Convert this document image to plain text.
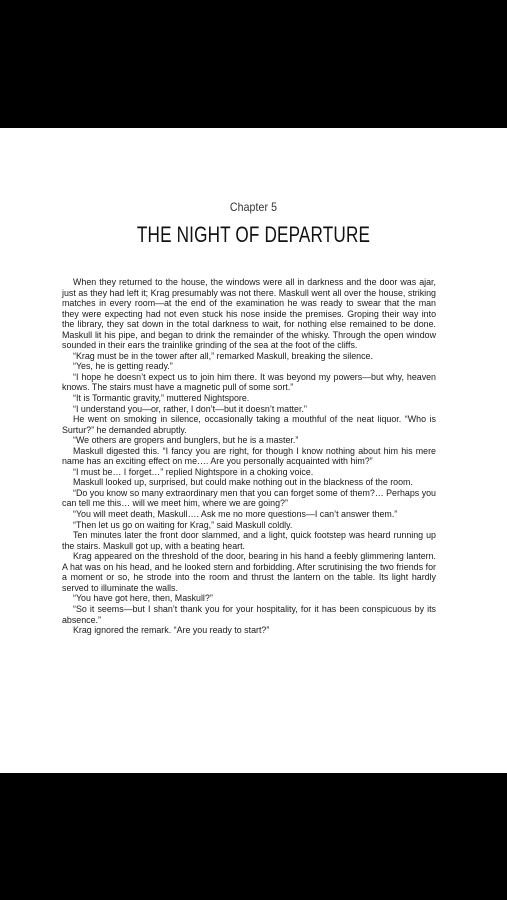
Chapter 5
THE NIGHT OF DEPARTURE

When they returned to the house, the windows were all in darkness and the door was ajar, just as they had left it; Krag presumably was not there. Maskull went all over the house, striking matches in every room—at the end of the examination he was ready to swear that the man they were expecting had not even stuck his nose inside the premises. Groping their way into the library, they sat down in the total darkness to wait, for nothing else remained to be done. Maskull lit his pipe, and began to drink the remainder of the whisky. Through the open window sounded in their ears the trainlike grinding of the sea at the foot of the cliffs.

“Krag must be in the tower after all,” remarked Maskull, breaking the silence.

“Yes, he is getting ready.”

“I hope he doesn’t expect us to join him there. It was beyond my powers—but why, heaven knows. The stairs must have a magnetic pull of some sort.”

“It is Tormantic gravity,” muttered Nightspore.

“I understand you—or, rather, I don’t—but it doesn’t matter.”

He went on smoking in silence, occasionally taking a mouthful of the neat liquor. “Who is Surtur?” he demanded abruptly.

“We others are gropers and bunglers, but he is a master.”

Maskull digested this. “I fancy you are right, for though I know nothing about him his mere name has an exciting effect on me…. Are you personally acquainted with him?”

“I must be… I forget…” replied Nightspore in a choking voice.

Maskull looked up, surprised, but could make nothing out in the blackness of the room.

“Do you know so many extraordinary men that you can forget some of them?… Perhaps you can tell me this… will we meet him, where we are going?”

“You will meet death, Maskull…. Ask me no more questions—I can’t answer them.”

“Then let us go on waiting for Krag,” said Maskull coldly.

Ten minutes later the front door slammed, and a light, quick footstep was heard running up the stairs. Maskull got up, with a beating heart.

Krag appeared on the threshold of the door, bearing in his hand a feebly glimmering lantern. A hat was on his head, and he looked stern and forbidding. After scrutinising the two friends for a moment or so, he strode into the room and thrust the lantern on the table. Its light hardly served to illuminate the walls.

“You have got here, then, Maskull?”

“So it seems—but I shan’t thank you for your hospitality, for it has been conspicuous by its absence.”

Krag ignored the remark. “Are you ready to start?”
